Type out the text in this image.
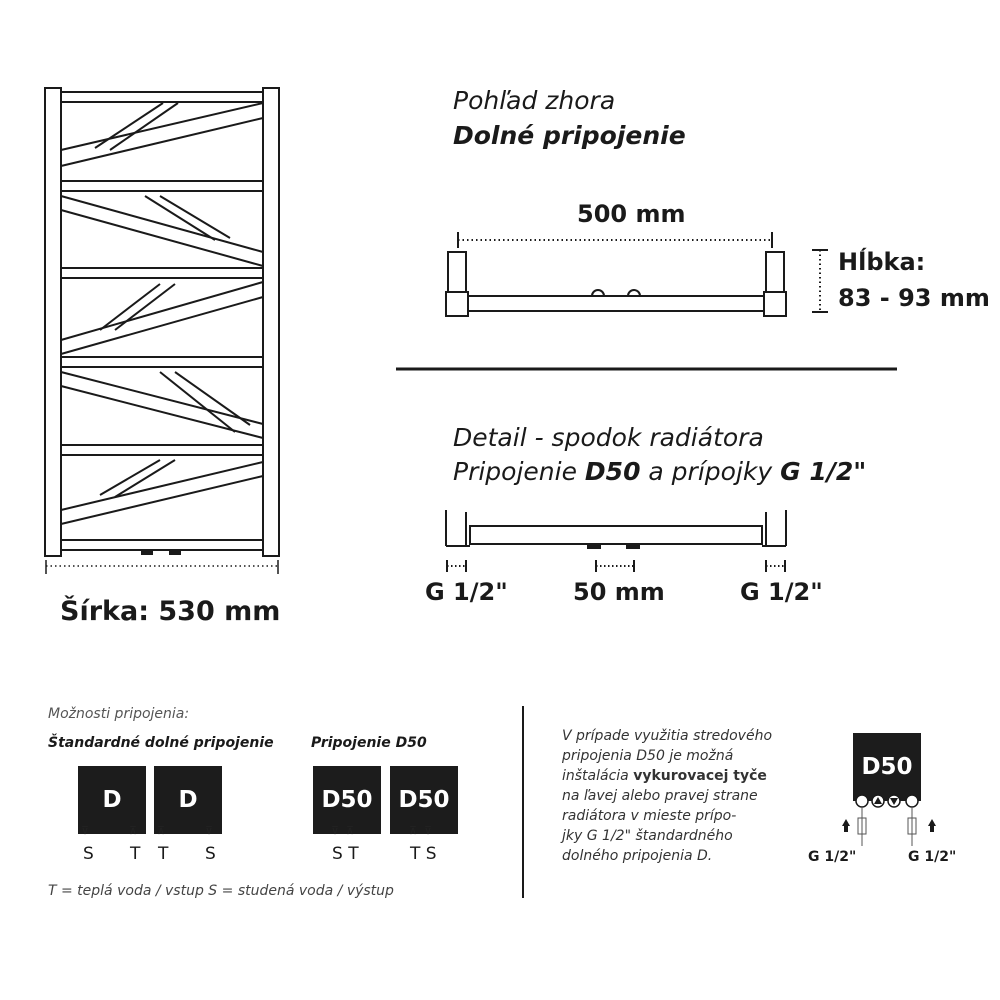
Šírka: 530 mm
Pohľad zhora
Dolné pripojenie
500 mm
Hĺbka:
83 - 93 mm
Detail - spodok radiátora
Pripojenie D50 a prípojky G 1/2"
G 1/2"	50 mm	G 1/2"
Možnosti pripojenia:
Štandardné dolné pripojenie	Pripojenie D50
D
⊽	⊼
S T
D
⊼	⊽
T S
D50
⊽ ⊼
S T
D50
⊼ ⊽
T S
T = teplá voda / vstup S = studená voda / výstup
V prípade využitia stredového
pripojenia D50 je možná
inštalácia vykurovacej tyče
na ľavej alebo pravej strane
radiátora v mieste prípo-
jky G 1/2" štandardného
dolného pripojenia D.
D50
G 1/2"	G 1/2"
